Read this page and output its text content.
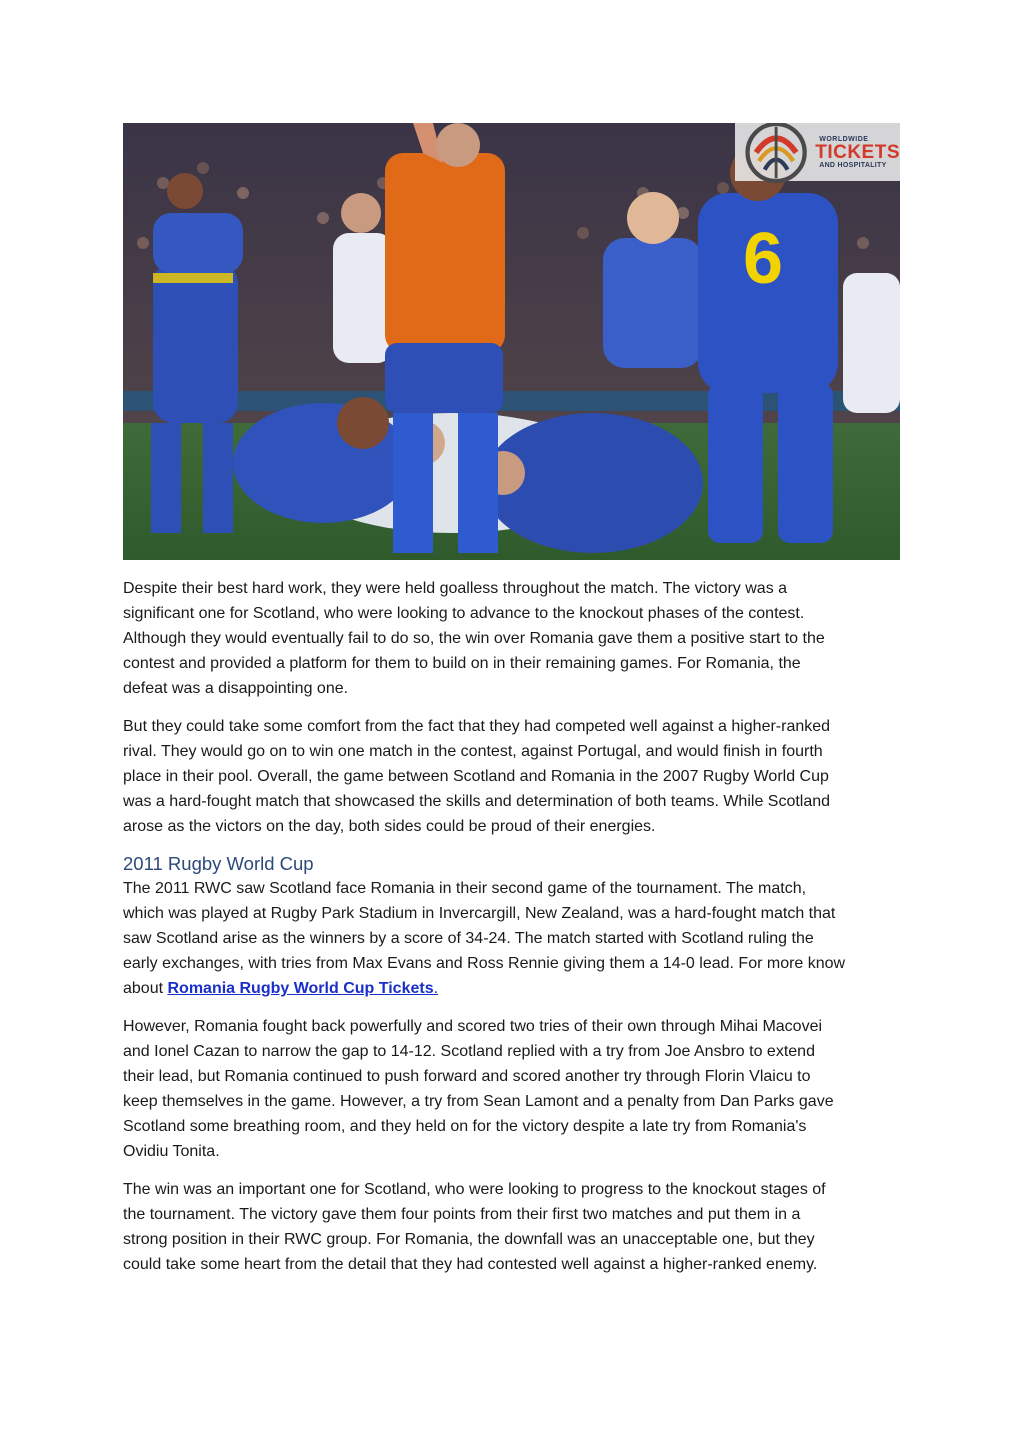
6
WORLDWIDE
TICKETS
AND HOSPITALITY

Despite their best hard work, they were held goalless throughout the match. The victory was a
significant one for Scotland, who were looking to advance to the knockout phases of the contest.
Although they would eventually fail to do so, the win over Romania gave them a positive start to the
contest and provided a platform for them to build on in their remaining games. For Romania, the
defeat was a disappointing one.

But they could take some comfort from the fact that they had competed well against a higher-ranked
rival. They would go on to win one match in the contest, against Portugal, and would finish in fourth
place in their pool. Overall, the game between Scotland and Romania in the 2007 Rugby World Cup
was a hard-fought match that showcased the skills and determination of both teams. While Scotland
arose as the victors on the day, both sides could be proud of their energies.

2011 Rugby World Cup

The 2011 RWC saw Scotland face Romania in their second game of the tournament. The match,
which was played at Rugby Park Stadium in Invercargill, New Zealand, was a hard-fought match that
saw Scotland arise as the winners by a score of 34-24. The match started with Scotland ruling the
early exchanges, with tries from Max Evans and Ross Rennie giving them a 14-0 lead. For more know
about Romania Rugby World Cup Tickets.

However, Romania fought back powerfully and scored two tries of their own through Mihai Macovei
and Ionel Cazan to narrow the gap to 14-12. Scotland replied with a try from Joe Ansbro to extend
their lead, but Romania continued to push forward and scored another try through Florin Vlaicu to
keep themselves in the game. However, a try from Sean Lamont and a penalty from Dan Parks gave
Scotland some breathing room, and they held on for the victory despite a late try from Romania's
Ovidiu Tonita.

The win was an important one for Scotland, who were looking to progress to the knockout stages of
the tournament. The victory gave them four points from their first two matches and put them in a
strong position in their RWC group. For Romania, the downfall was an unacceptable one, but they
could take some heart from the detail that they had contested well against a higher-ranked enemy.
